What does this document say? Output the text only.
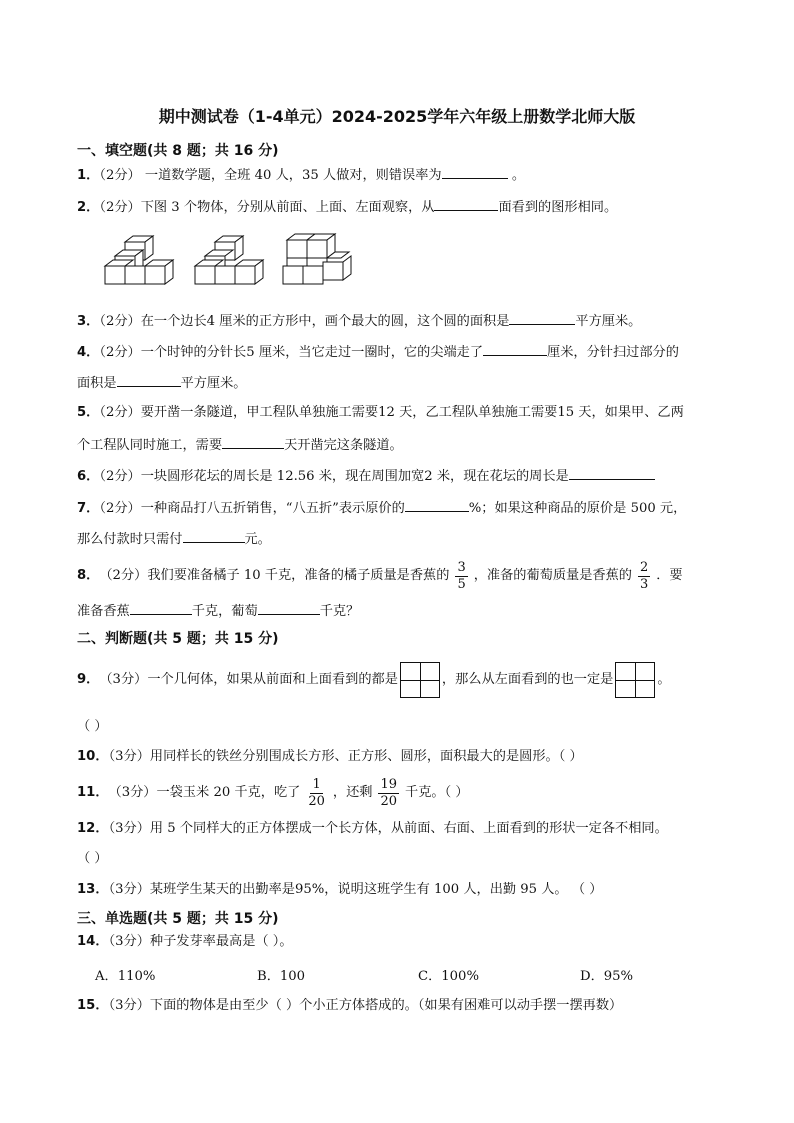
期中测试卷（1-4单元）2024-2025学年六年级上册数学北师大版
一、填空题(共 8 题；共 16 分)
1．（2分） 一道数学题，全班 40 人，35 人做对，则错误率为	。
2．（2分）下图 3 个物体，分别从前面、上面、左面观察，从	面看到的图形相同。
3．（2分）在一个边长4 厘米的正方形中，画个最大的圆，这个圆的面积是	平方厘米。
4．（2分）一个时钟的分针长5 厘米，当它走过一圈时，它的尖端走了	厘米，分针扫过部分的
面积是	平方厘米。
5．（2分）要开凿一条隧道，甲工程队单独施工需要12 天，乙工程队单独施工需要15 天，如果甲、乙两
个工程队同时施工，需要	天开凿完这条隧道。
6．（2分）一块圆形花坛的周长是 12.56 米，现在周围加宽2 米，现在花坛的周长是
7．（2分）一种商品打八五折销售，“八五折”表示原价的	%；如果这种商品的原价是 500 元，
那么付款时只需付	元。
8． （2分） 我们要准备橘子 10 千克，准备的橘子质量是香蕉的 $\frac{3}{5}$ ，准备的葡萄质量是香蕉的 $\frac{2}{3}$ ．要
准备香蕉	千克，葡萄	千克？
二、判断题(共 5 题；共 15 分)
9． （3分） 一个几何体，如果从前面和上面看到的都是	，那么从左面看到的也一定是	。
（ ）
10．（3分）用同样长的铁丝分别围成长方形、正方形、圆形，面积最大的是圆形。（ ）
11． （3分） 一袋玉米 20 千克，吃了 $\frac{1}{20}$ ，还剩 $\frac{19}{20}$ 千克。（ ）
12．（3分）用 5 个同样大的正方体摆成一个长方体，从前面、右面、上面看到的形状一定各不相同。
（ ）
13．（3分）某班学生某天的出勤率是95%，说明这班学生有 100 人，出勤 95 人。 （ ）
三、单选题(共 5 题；共 15 分)
14．（3分）种子发芽率最高是（ ）。
A．110%	B．100	C．100%	D．95%
15．（3分）下面的物体是由至少（ ）个小正方体搭成的。（如果有困难可以动手摆一摆再数）
